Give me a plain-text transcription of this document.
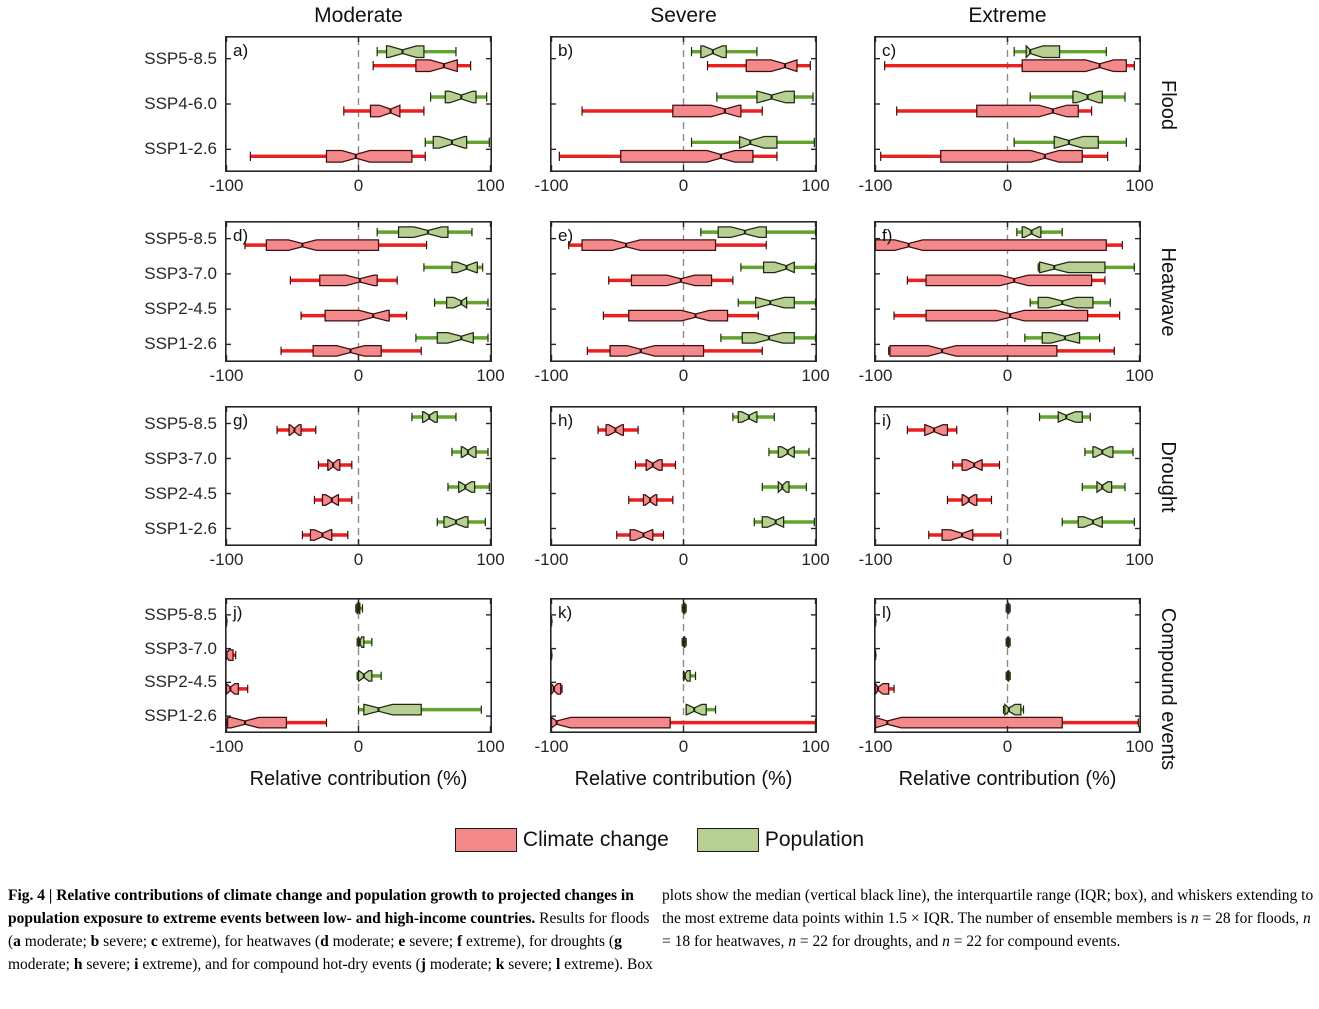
Moderate	Severe	Extreme
a)
-100	0	100
SSP5-8.5
SSP4-6.0
SSP1-2.6
b)
-100	0	100
c)
-100	0	100
d)
-100	0	100
SSP5-8.5
SSP3-7.0
SSP2-4.5
SSP1-2.6
e)
-100	0	100
f)
-100	0	100
g)
-100	0	100
SSP5-8.5
SSP3-7.0
SSP2-4.5
SSP1-2.6
h)
-100	0	100
i)
-100	0	100
j)
-100	0	100
SSP5-8.5
SSP3-7.0
SSP2-4.5
SSP1-2.6
k)
-100	0	100
l)
-100	0	100
Flood
Heatwave
Drought
Compound events
Relative contribution (%)	Relative contribution (%)	Relative contribution (%)
Climate change	Population
Fig. 4 | Relative contributions of climate change and population growth to projected changes in population exposure to extreme events between low- and high-income countries. Results for floods (a moderate; b severe; c extreme), for heatwaves (d moderate; e severe; f extreme), for droughts (g moderate; h severe; i extreme), and for compound hot-dry events (j moderate; k severe; l extreme). Box
plots show the median (vertical black line), the interquartile range (IQR; box), and whiskers extending to the most extreme data points within 1.5 × IQR. The number of ensemble members is n = 28 for floods, n = 18 for heatwaves, n = 22 for droughts, and n = 22 for compound events.
